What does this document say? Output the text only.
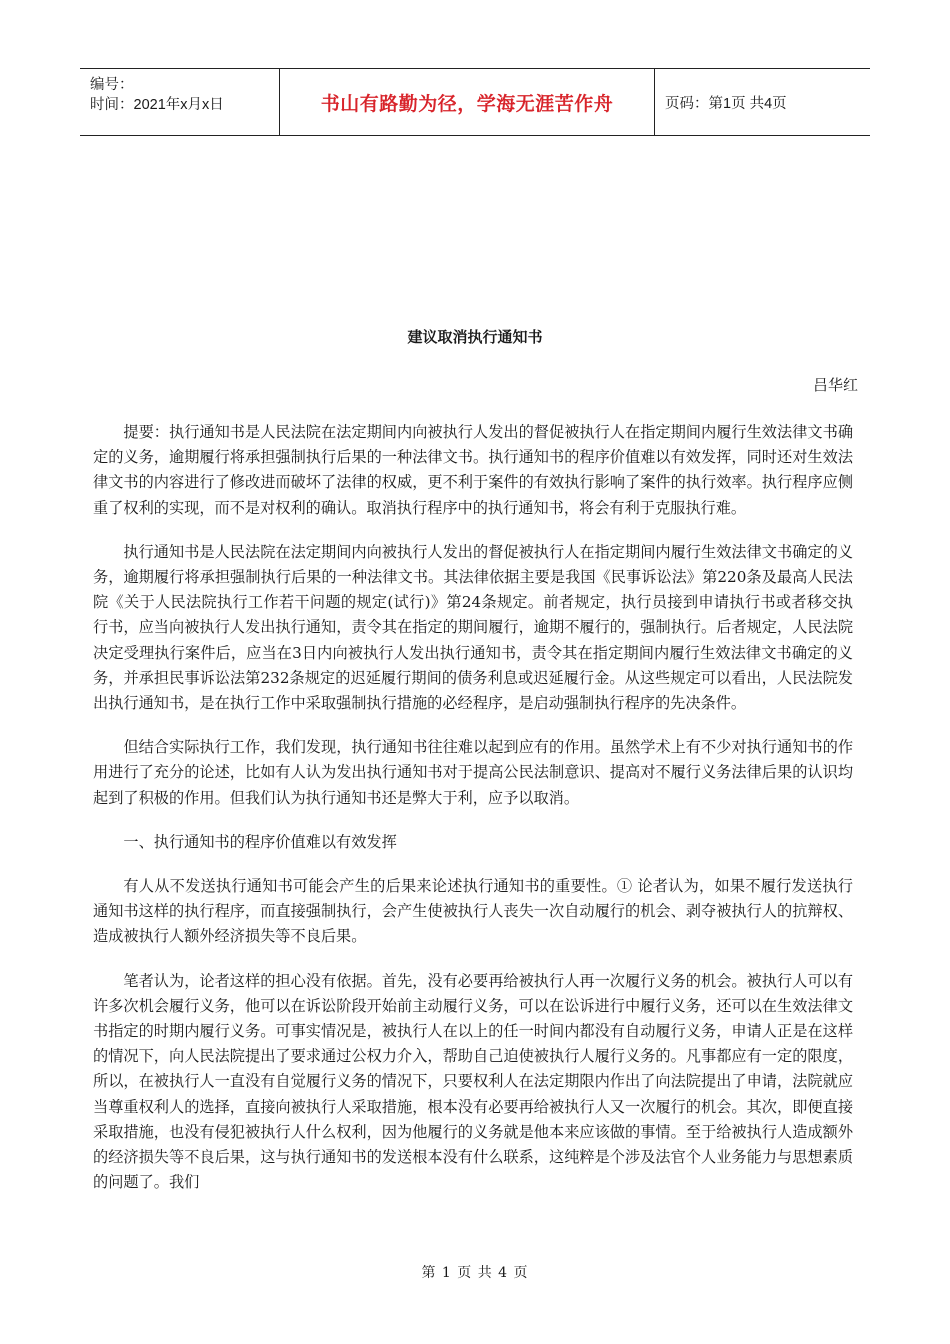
编号：
时间：2021年x月x日	书山有路勤为径，学海无涯苦作舟	页码：第1页 共4页
建议取消执行通知书
吕华红

提要：执行通知书是人民法院在法定期间内向被执行人发出的督促被执行人在指定期间内履行生效法律文书确定的义务，逾期履行将承担强制执行后果的一种法律文书。执行通知书的程序价值难以有效发挥，同时还对生效法律文书的内容进行了修改进而破坏了法律的权威，更不利于案件的有效执行影响了案件的执行效率。执行程序应侧重了权利的实现，而不是对权利的确认。取消执行程序中的执行通知书，将会有利于克服执行难。

执行通知书是人民法院在法定期间内向被执行人发出的督促被执行人在指定期间内履行生效法律文书确定的义务，逾期履行将承担强制执行后果的一种法律文书。其法律依据主要是我国《民事诉讼法》第220条及最高人民法院《关于人民法院执行工作若干问题的规定(试行)》第24条规定。前者规定，执行员接到申请执行书或者移交执行书，应当向被执行人发出执行通知，责令其在指定的期间履行，逾期不履行的，强制执行。后者规定，人民法院决定受理执行案件后，应当在3日内向被执行人发出执行通知书，责令其在指定期间内履行生效法律文书确定的义务，并承担民事诉讼法第232条规定的迟延履行期间的债务利息或迟延履行金。从这些规定可以看出，人民法院发出执行通知书，是在执行工作中采取强制执行措施的必经程序，是启动强制执行程序的先决条件。

但结合实际执行工作，我们发现，执行通知书往往难以起到应有的作用。虽然学术上有不少对执行通知书的作用进行了充分的论述，比如有人认为发出执行通知书对于提高公民法制意识、提高对不履行义务法律后果的认识均起到了积极的作用。但我们认为执行通知书还是弊大于利，应予以取消。

一、执行通知书的程序价值难以有效发挥

有人从不发送执行通知书可能会产生的后果来论述执行通知书的重要性。① 论者认为，如果不履行发送执行通知书这样的执行程序，而直接强制执行，会产生使被执行人丧失一次自动履行的机会、剥夺被执行人的抗辩权、造成被执行人额外经济损失等不良后果。

笔者认为，论者这样的担心没有依据。首先，没有必要再给被执行人再一次履行义务的机会。被执行人可以有许多次机会履行义务，他可以在诉讼阶段开始前主动履行义务，可以在讼诉进行中履行义务，还可以在生效法律文书指定的时期内履行义务。可事实情况是，被执行人在以上的任一时间内都没有自动履行义务，申请人正是在这样的情况下，向人民法院提出了要求通过公权力介入，帮助自己迫使被执行人履行义务的。凡事都应有一定的限度，所以，在被执行人一直没有自觉履行义务的情况下，只要权利人在法定期限内作出了向法院提出了申请，法院就应当尊重权利人的选择，直接向被执行人采取措施，根本没有必要再给被执行人又一次履行的机会。其次，即便直接采取措施，也没有侵犯被执行人什么权利，因为他履行的义务就是他本来应该做的事情。至于给被执行人造成额外的经济损失等不良后果，这与执行通知书的发送根本没有什么联系，这纯粹是个涉及法官个人业务能力与思想素质的问题了。我们

第 1 页 共 4 页
